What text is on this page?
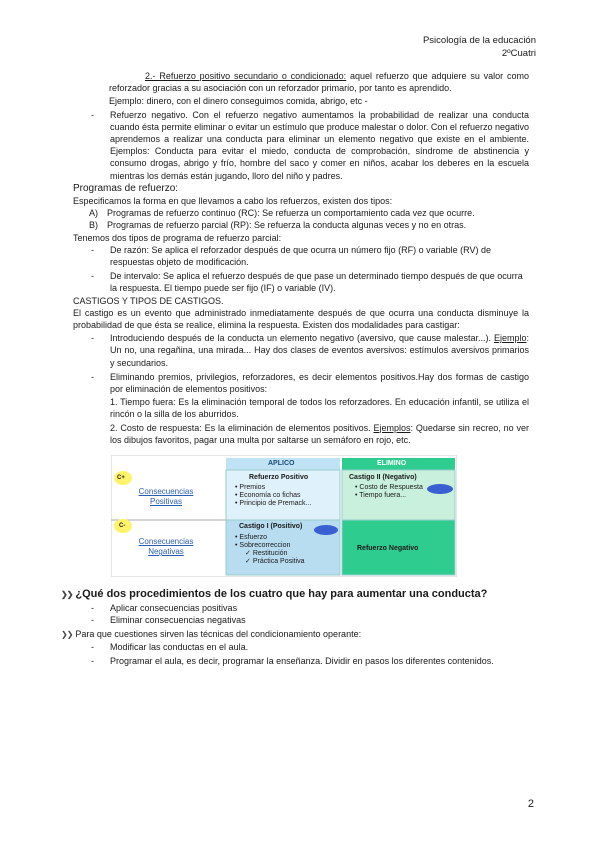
Psicología de la educación
2ºCuatri

2.- Refuerzo positivo secundario o condicionado: aquel refuerzo que adquiere su valor como reforzador gracias a su asociación con un reforzador primario, por tanto es aprendido.

Ejemplo: dinero, con el dinero conseguimos comida, abrigo, etc -

- Refuerzo negativo. Con el refuerzo negativo aumentamos la probabilidad de realizar una conducta cuando ésta permite eliminar o evitar un estímulo que produce malestar o dolor. Con el refuerzo negativo aprendemos a realizar una conducta para eliminar un elemento negativo que existe en el ambiente. Ejemplos: Conducta para evitar el miedo, conducta de comprobación, síndrome de abstinencia y consumo drogas, abrigo y frío, hombre del saco y comer en niños, acabar los deberes en la escuela mientras los demás están jugando, lloro del niño y padres.

Programas de refuerzo:

Especificamos la forma en que llevamos a cabo los refuerzos, existen dos tipos:

A) Programas de refuerzo continuo (RC): Se refuerza un comportamiento cada vez que ocurre.
B) Programas de refuerzo parcial (RP): Se refuerza la conducta algunas veces y no en otras.

Tenemos dos tipos de programa de refuerzo parcial:

- De razón: Se aplica el reforzador después de que ocurra un número fijo (RF) o variable (RV) de respuestas objeto de modificación.
- De intervalo: Se aplica el refuerzo después de que pase un determinado tiempo después de que ocurra la respuesta. El tiempo puede ser fijo (IF) o variable (IV).

CASTIGOS Y TIPOS DE CASTIGOS.

El castigo es un evento que administrado inmediatamente después de que ocurra una conducta disminuye la probabilidad de que ésta se realice, elimina la respuesta. Existen dos modalidades para castigar:

- Introduciendo después de la conducta un elemento negativo (aversivo, que cause malestar...). Ejemplo: Un no, una regañina, una mirada... Hay dos clases de eventos aversivos: estímulos aversivos primarios y secundarios.
- Eliminando premios, privilegios, reforzadores, es decir elementos positivos.Hay dos formas de castigo por eliminación de elementos positivos:

1. Tiempo fuera: Es la eliminación temporal de todos los reforzadores. En educación infantil, se utiliza el rincón o la silla de los aburridos.

2. Costo de respuesta: Es la eliminación de elementos positivos. Ejemplos: Quedarse sin recreo, no ver los dibujos favoritos, pagar una multa por saltarse un semáforo en rojo, etc.

APLICO	ELIMINO
C+
C-
Consecuencias Positivas
Consecuencias Negativas
Refuerzo Positivo
• Premios
• Economía co fichas
• Principio de Premack...
Castigo II (Negativo)
• Costo de Respuesta
• Tiempo fuera...
Castigo I (Positivo)
• Esfuerzo
• Sobrecorreccion
✓ Restitución
✓ Práctica Positiva
Refuerzo Negativo

❯❯ ¿Qué dos procedimientos de los cuatro que hay para aumentar una conducta?

- Aplicar consecuencias positivas
- Eliminar consecuencias negativas

❯❯ Para que cuestiones sirven las técnicas del condicionamiento operante:

- Modificar las conductas en el aula.
- Programar el aula, es decir, programar la enseñanza. Dividir en pasos los diferentes contenidos.
2
